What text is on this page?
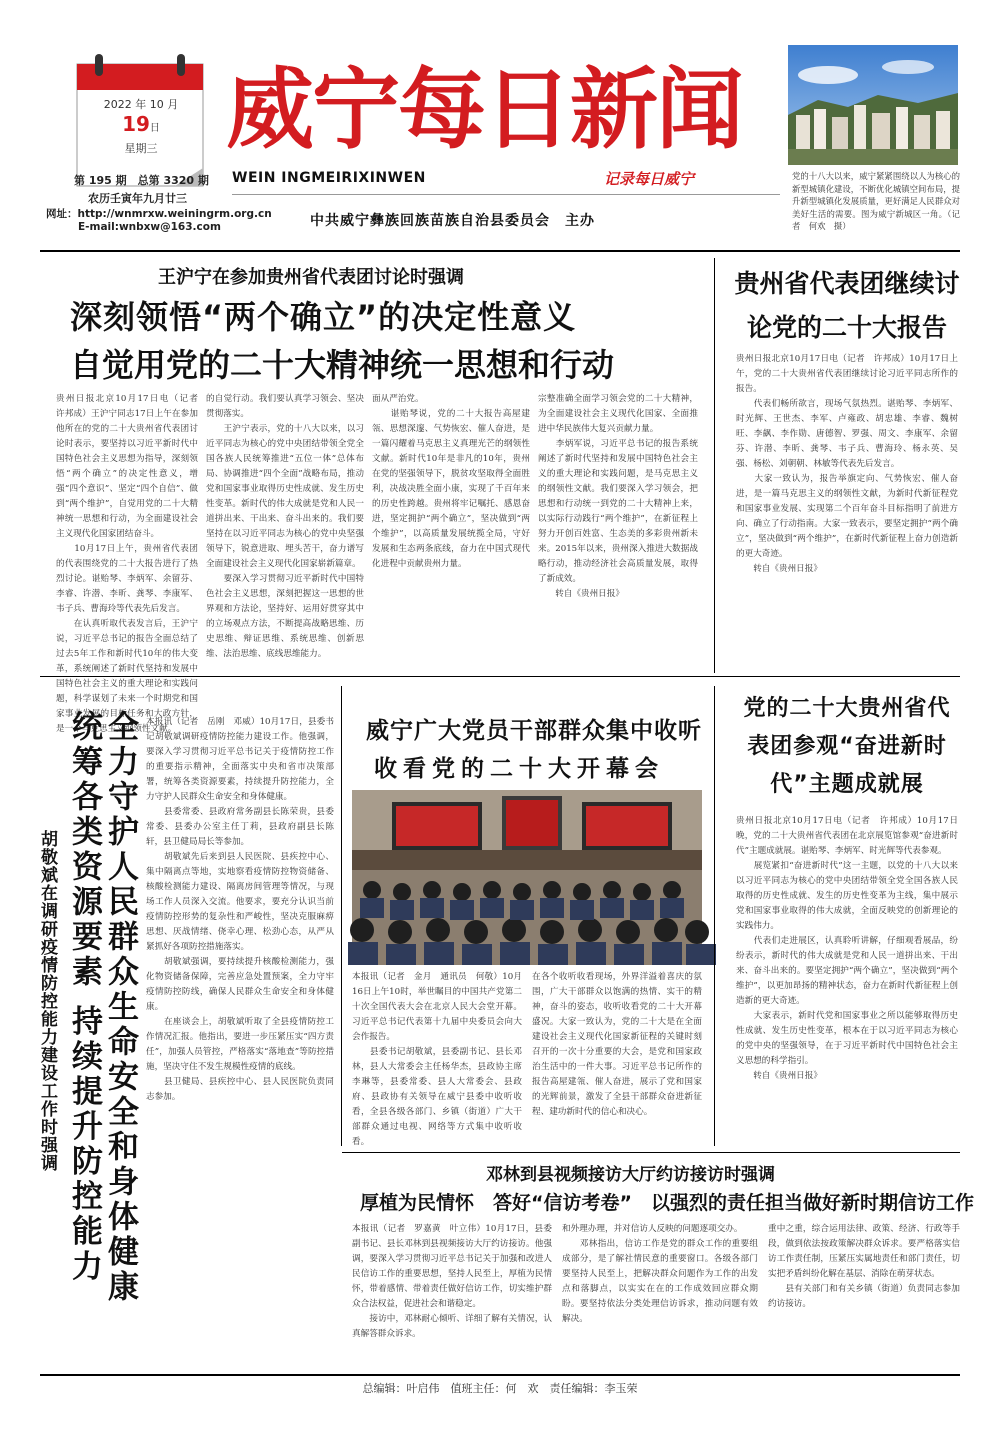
2022 年 10 月
19日
星期三
第 195 期　总第 3320 期
农历壬寅年九月廿三
网址：http://wnmrxw.weiningrm.org.cn
E-mail:wnbxw@163.com
威宁每日新闻
WEIN INGMEIRIXINWEN	记录每日威宁
中共威宁彝族回族苗族自治县委员会　主办
党的十八大以来，威宁紧紧围绕以人为核心的新型城镇化建设，不断优化城镇空间布局，提升新型城镇化发展质量，更好满足人民群众对美好生活的需要。图为威宁新城区一角。（记者　何欢　摄）
王沪宁在参加贵州省代表团讨论时强调
深刻领悟“两个确立”的决定性意义
自觉用党的二十大精神统一思想和行动
贵州日报北京10月17日电（记者　许邦成）王沪宁同志17日上午在参加他所在的党的二十大贵州省代表团讨论时表示，要坚持以习近平新时代中国特色社会主义思想为指导，深刻领悟“两个确立”的决定性意义，增强“四个意识”、坚定“四个自信”、做到“两个维护”，自觉用党的二十大精神统一思想和行动，为全面建设社会主义现代化国家团结奋斗。
　　10月17日上午，贵州省代表团的代表围绕党的二十大报告进行了热烈讨论。谌贻琴、李炳军、余留芬、李睿、许潜、李昕、龚琴、李康军、韦子兵、曹海玲等代表先后发言。
　　在认真听取代表发言后，王沪宁说，习近平总书记的报告全面总结了过去5年工作和新时代10年的伟大变革，系统阐述了新时代坚持和发展中国特色社会主义的重大理论和实践问题，科学谋划了未来一个时期党和国家事业发展的目标任务和大政方针，是一个马克思主义纲领性文献。
的自觉行动。我们要认真学习领会、坚决贯彻落实。
　　王沪宁表示，党的十八大以来，以习近平同志为核心的党中央团结带领全党全国各族人民统筹推进“五位一体”总体布局、协调推进“四个全面”战略布局，推动党和国家事业取得历史性成就、发生历史性变革。新时代的伟大成就是党和人民一道拼出来、干出来、奋斗出来的。我们要坚持在以习近平同志为核心的党中央坚强领导下，锐意进取、埋头苦干，奋力谱写全面建设社会主义现代化国家崭新篇章。
　　要深入学习贯彻习近平新时代中国特色社会主义思想，深刻把握这一思想的世界观和方法论，坚持好、运用好贯穿其中的立场观点方法，不断提高战略思维、历史思维、辩证思维、系统思维、创新思维、法治思维、底线思维能力。
面从严治党。
　　谌贻琴说，党的二十大报告高屋建瓴、思想深邃、气势恢宏、催人奋进，是一篇闪耀着马克思主义真理光芒的纲领性文献。新时代10年是非凡的10年，贵州在党的坚强领导下，脱贫攻坚取得全面胜利，决战决胜全面小康，实现了千百年来的历史性跨越。贵州将牢记嘱托、感恩奋进，坚定拥护“两个确立”，坚决做到“两个维护”，以高质量发展统揽全局，守好发展和生态两条底线，奋力在中国式现代化进程中贡献贵州力量。
宗整准确全面学习领会党的二十大精神，为全面建设社会主义现代化国家、全面推进中华民族伟大复兴贡献力量。
　　李炳军说，习近平总书记的报告系统阐述了新时代坚持和发展中国特色社会主义的重大理论和实践问题，是马克思主义的纲领性文献。我们要深入学习领会，把思想和行动统一到党的二十大精神上来，以实际行动践行“两个维护”，在新征程上努力开创百姓富、生态美的多彩贵州新未来。2015年以来，贵州深入推进大数据战略行动，推动经济社会高质量发展，取得了新成效。
　　转自《贵州日报》
贵州省代表团继续讨论党的二十大报告
贵州日报北京10月17日电（记者　许邦成）10月17日上午，党的二十大贵州省代表团继续讨论习近平同志所作的报告。
　　代表们畅所欲言，现场气氛热烈。谌贻琴、李炳军、时光辉、王世杰、李军、卢雍政、胡忠雄、李睿、魏树旺、李飙、李作勋、唐德智、罗强、周文、李康军、余留芬、许潜、李昕、龚琴、韦子兵、曹海玲、杨永英、吴强、杨松、刘朝朝、林敏等代表先后发言。
　　大家一致认为，报告举旗定向、气势恢宏、催人奋进，是一篇马克思主义的纲领性文献，为新时代新征程党和国家事业发展、实现第二个百年奋斗目标指明了前进方向、确立了行动指南。大家一致表示，要坚定拥护“两个确立”，坚决做到“两个维护”，在新时代新征程上奋力创造新的更大奇迹。
　　转自《贵州日报》
全力守护人民群众生命安全和身体健康
统筹各类资源要素 持续提升防控能力
胡敬斌在调研疫情防控能力建设工作时强调
本报讯（记者　岳刚　邓威）10月17日，县委书记胡敬斌调研疫情防控能力建设工作。他强调，要深入学习贯彻习近平总书记关于疫情防控工作的重要指示精神，全面落实中央和省市决策部署，统筹各类资源要素，持续提升防控能力，全力守护人民群众生命安全和身体健康。
　　县委常委、县政府常务副县长陈荣贵，县委常委、县委办公室主任丁莉，县政府副县长陈轩，县卫健局局长等参加。
　　胡敬斌先后来到县人民医院、县疾控中心、集中隔离点等地，实地察看疫情防控物资储备、核酸检测能力建设、隔离房间管理等情况，与现场工作人员深入交流。他要求，要充分认识当前疫情防控形势的复杂性和严峻性，坚决克服麻痹思想、厌战情绪、侥幸心理、松劲心态，从严从紧抓好各项防控措施落实。
　　胡敬斌强调，要持续提升核酸检测能力，强化物资储备保障，完善应急处置预案，全力守牢疫情防控防线，确保人民群众生命安全和身体健康。
　　在座谈会上，胡敬斌听取了全县疫情防控工作情况汇报。他指出，要进一步压紧压实“四方责任”，加强人员管控，严格落实“落地查”等防控措施，坚决守住不发生规模性疫情的底线。
　　县卫健局、县疾控中心、县人民医院负责同志参加。
威宁广大党员干部群众集中收听
收看党的二十大开幕会
本报讯（记者　金月　通讯员　何敬）10月16日上午10时，举世瞩目的中国共产党第二十次全国代表大会在北京人民大会堂开幕。习近平总书记代表第十九届中央委员会向大会作报告。
　　县委书记胡敬斌，县委副书记、县长邓林，县人大常委会主任杨华杰，县政协主席李琳等，县委常委、县人大常委会、县政府、县政协有关领导在威宁县委中收听收看，全县各级各部门、乡镇（街道）广大干部群众通过电视、网络等方式集中收听收看。
在各个收听收看现场，外界洋溢着喜庆的氛围，广大干部群众以饱满的热情、实干的精神，奋斗的姿态，收听收看党的二十大开幕盛况。大家一致认为，党的二十大是在全面建设社会主义现代化国家新征程的关键时刻召开的一次十分重要的大会，是党和国家政治生活中的一件大事。习近平总书记所作的报告高屋建瓴、催人奋进，展示了党和国家的光辉前景，激发了全县干部群众奋进新征程、建功新时代的信心和决心。
党的二十大贵州省代表团参观“奋进新时代”主题成就展
贵州日报北京10月17日电（记者　许邦成）10月17日晚，党的二十大贵州省代表团在北京展览馆参观“奋进新时代”主题成就展。谌贻琴、李炳军、时光辉等代表参观。
　　展览紧扣“奋进新时代”这一主题，以党的十八大以来以习近平同志为核心的党中央团结带领全党全国各族人民取得的历史性成就、发生的历史性变革为主线，集中展示党和国家事业取得的伟大成就，全面反映党的创新理论的实践伟力。
　　代表们走进展区，认真聆听讲解，仔细观看展品，纷纷表示，新时代的伟大成就是党和人民一道拼出来、干出来、奋斗出来的。要坚定拥护“两个确立”，坚决做到“两个维护”，以更加昂扬的精神状态，奋力在新时代新征程上创造新的更大奇迹。
　　大家表示，新时代党和国家事业之所以能够取得历史性成就、发生历史性变革，根本在于以习近平同志为核心的党中央的坚强领导，在于习近平新时代中国特色社会主义思想的科学指引。
　　转自《贵州日报》
邓林到县视频接访大厅约访接访时强调
厚植为民情怀　答好“信访考卷”　以强烈的责任担当做好新时期信访工作
本报讯（记者　罗嘉黄　叶立伟）10月17日，县委副书记、县长邓林到县视频接访大厅约访接访。他强调，要深入学习贯彻习近平总书记关于加强和改进人民信访工作的重要思想，坚持人民至上，厚植为民情怀，带着感情、带着责任做好信访工作，切实维护群众合法权益，促进社会和谐稳定。
　　接访中，邓林耐心倾听、详细了解有关情况，认真解答群众诉求。
和外理办理，并对信访人反映的问题逐项交办。
　　邓林指出，信访工作是党的群众工作的重要组成部分，是了解社情民意的重要窗口。各级各部门要坚持人民至上，把解决群众问题作为工作的出发点和落脚点，以实实在在的工作成效回应群众期盼。要坚持依法分类处理信访诉求，推动问题有效解决。
重中之重，综合运用法律、政策、经济、行政等手段，做到依法按政策解决群众诉求。要严格落实信访工作责任制，压紧压实属地责任和部门责任，切实把矛盾纠纷化解在基层、消除在萌芽状态。
　　县有关部门和有关乡镇（街道）负责同志参加约访接访。
总编辑：叶启伟　值班主任：何　欢　责任编辑：李玉荣
